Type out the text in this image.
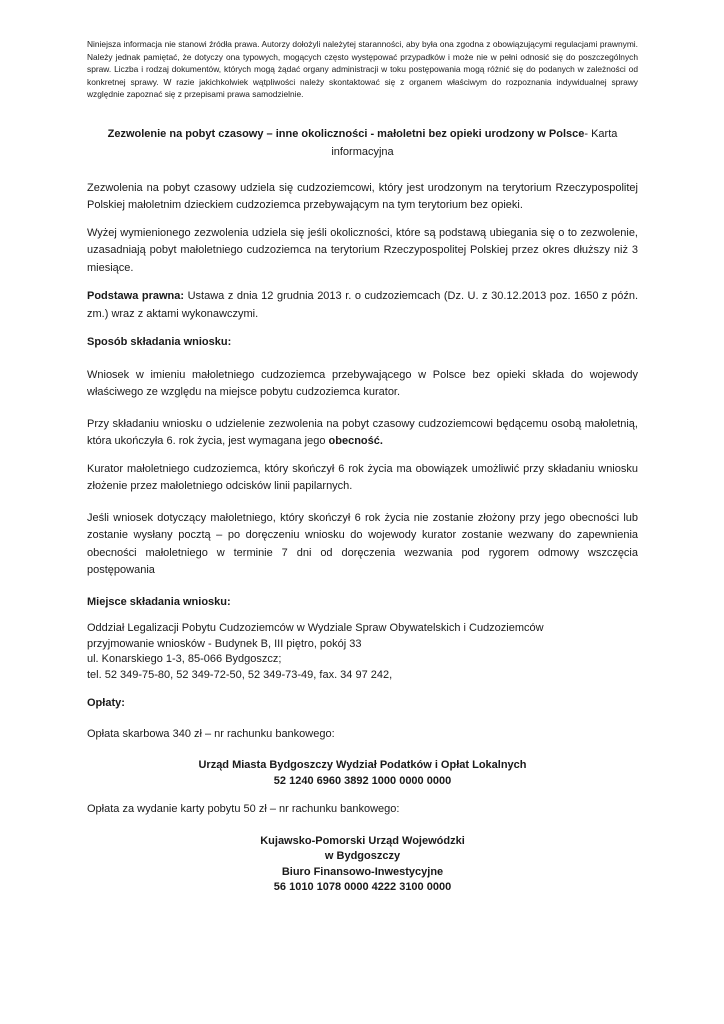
Niniejsza informacja nie stanowi źródła prawa. Autorzy dołożyli należytej staranności, aby była ona zgodna z obowiązującymi regulacjami prawnymi. Należy jednak pamiętać, że dotyczy ona typowych, mogących często występować przypadków i może nie w pełni odnosić się do poszczególnych spraw. Liczba i rodzaj dokumentów, których mogą żądać organy administracji w toku postępowania mogą różnić się do podanych w zależności od konkretnej sprawy. W razie jakichkolwiek wątpliwości należy skontaktować się z organem właściwym do rozpoznania indywidualnej sprawy względnie zapoznać się z przepisami prawa samodzielnie.

Zezwolenie na pobyt czasowy – inne okoliczności - małoletni bez opieki urodzony w Polsce- Karta informacyjna

Zezwolenia na pobyt czasowy udziela się cudzoziemcowi, który jest urodzonym na terytorium Rzeczypospolitej Polskiej małoletnim dzieckiem cudzoziemca przebywającym na tym terytorium bez opieki.

Wyżej wymienionego zezwolenia udziela się jeśli okoliczności, które są podstawą ubiegania się o to zezwolenie, uzasadniają pobyt małoletniego cudzoziemca na terytorium Rzeczypospolitej Polskiej przez okres dłuższy niż 3 miesiące.

Podstawa prawna: Ustawa z dnia 12 grudnia 2013 r. o cudzoziemcach (Dz. U. z 30.12.2013 poz. 1650 z późn. zm.) wraz z aktami wykonawczymi.

Sposób składania wniosku:

Wniosek w imieniu małoletniego cudzoziemca przebywającego w Polsce bez opieki składa do wojewody właściwego ze względu na miejsce pobytu cudzoziemca kurator.

Przy składaniu wniosku o udzielenie zezwolenia na pobyt czasowy cudzoziemcowi będącemu osobą małoletnią, która ukończyła 6. rok życia, jest wymagana jego obecność.

Kurator małoletniego cudzoziemca, który skończył 6 rok życia ma obowiązek umożliwić przy składaniu wniosku złożenie przez małoletniego odcisków linii papilarnych.

Jeśli wniosek dotyczący małoletniego, który skończył 6 rok życia nie zostanie złożony przy jego obecności lub zostanie wysłany pocztą – po doręczeniu wniosku do wojewody kurator zostanie wezwany do zapewnienia obecności małoletniego w terminie 7 dni od doręczenia wezwania pod rygorem odmowy wszczęcia postępowania

Miejsce składania wniosku:

Oddział Legalizacji Pobytu Cudzoziemców w Wydziale Spraw Obywatelskich i Cudzoziemców
przyjmowanie wniosków - Budynek B, III piętro, pokój 33
ul. Konarskiego 1-3, 85-066 Bydgoszcz;
tel. 52 349-75-80, 52 349-72-50, 52 349-73-49, fax. 34 97 242,

Opłaty:

Opłata skarbowa 340 zł – nr rachunku bankowego:

Urząd Miasta Bydgoszczy Wydział Podatków i Opłat Lokalnych

52 1240 6960 3892 1000 0000 0000

Opłata za wydanie karty pobytu 50 zł – nr rachunku bankowego:

Kujawsko-Pomorski Urząd Wojewódzki

w Bydgoszczy

Biuro Finansowo-Inwestycyjne

56 1010 1078 0000 4222 3100 0000
